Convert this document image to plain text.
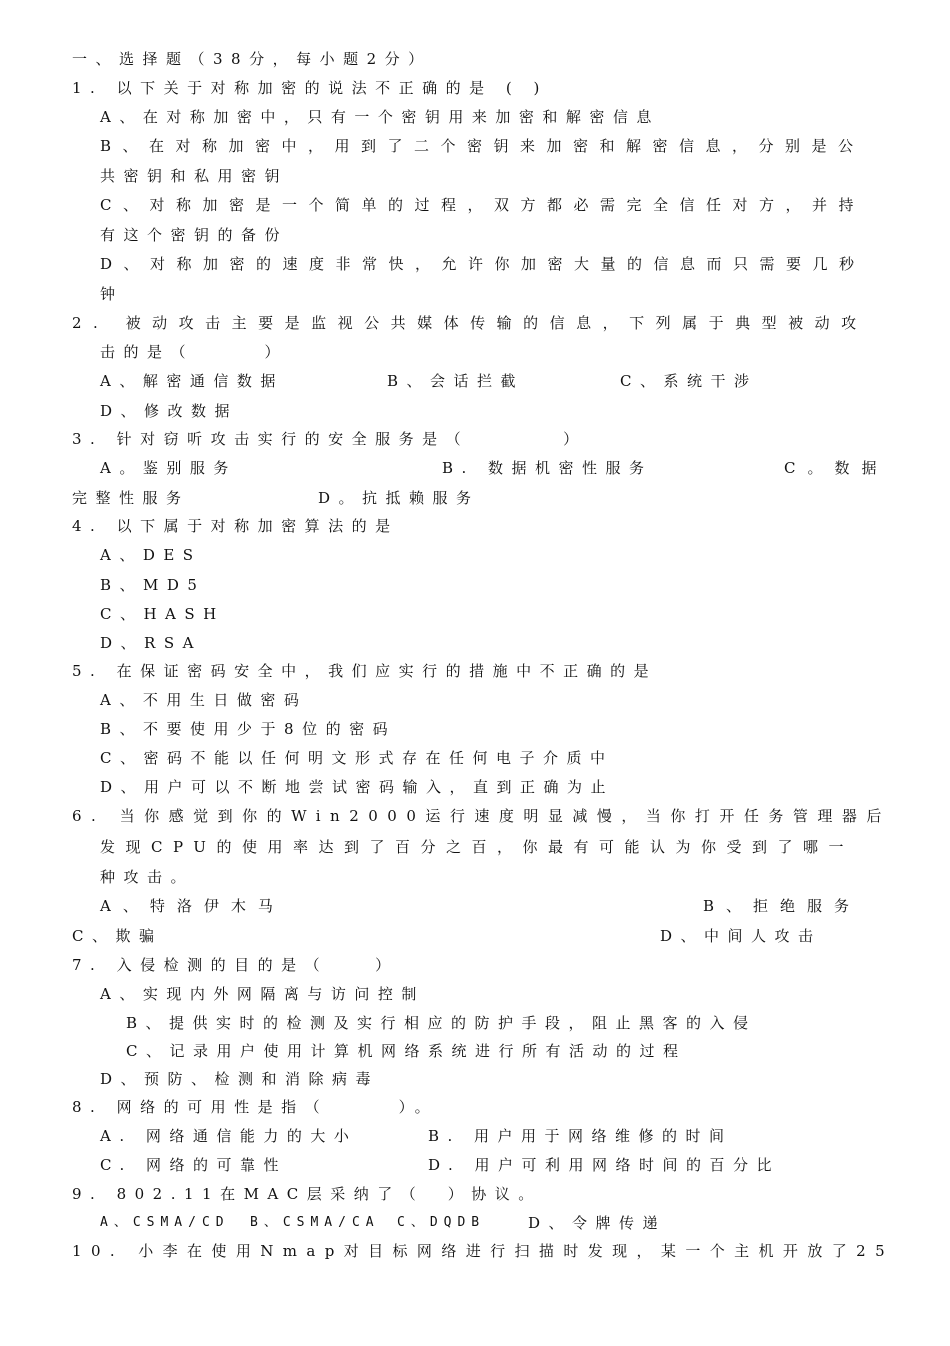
一、选择题（38分，每小题2分）
1. 以下关于对称加密的说法不正确的是 ( )
A、在对称加密中，只有一个密钥用来加密和解密信息
B、在对称加密中，用到了二个密钥来加密和解密信息，分别是公
共密钥和私用密钥
C、对称加密是一个简单的过程，双方都必需完全信任对方，并持
有这个密钥的备份
D、对称加密的速度非常快，允许你加密大量的信息而只需要几秒
钟
2. 被动攻击主要是监视公共媒体传输的信息，下列属于典型被动攻
击的是（　　　）
A、解密通信数据	B、会话拦截	C、系统干涉
D、修改数据
3. 针对窃听攻击实行的安全服务是（　　　　）
A。鉴别服务	B. 数据机密性服务	C。数据
完整性服务	D。抗抵赖服务
4. 以下属于对称加密算法的是
A、DES
B、MD5
C、HASH
D、RSA
5. 在保证密码安全中，我们应实行的措施中不正确的是
A、不用生日做密码
B、不要使用少于8位的密码
C、密码不能以任何明文形式存在任何电子介质中
D、用户可以不断地尝试密码输入，直到正确为止
6. 当你感觉到你的Win2000运行速度明显减慢，当你打开任务管理器后
发现CPU的使用率达到了百分之百，你最有可能认为你受到了哪一
种攻击。
A、特洛伊木马	B、拒绝服务
C、欺骗	D、中间人攻击
7. 入侵检测的目的是（　　）
A、实现内外网隔离与访问控制
B、提供实时的检测及实行相应的防护手段，阻止黑客的入侵
C、记录用户使用计算机网络系统进行所有活动的过程
D、预防、检测和消除病毒
8. 网络的可用性是指（　　　）。
A. 网络通信能力的大小	B. 用户用于网络维修的时间
C. 网络的可靠性	D. 用户可利用网络时间的百分比
9. 802.11在MAC层采纳了（　）协议。
A、CSMA/CD B、CSMA/CA C、DQDB	D、令牌传递
10. 小李在使用Nmap对目标网络进行扫描时发现，某一个主机开放了25
